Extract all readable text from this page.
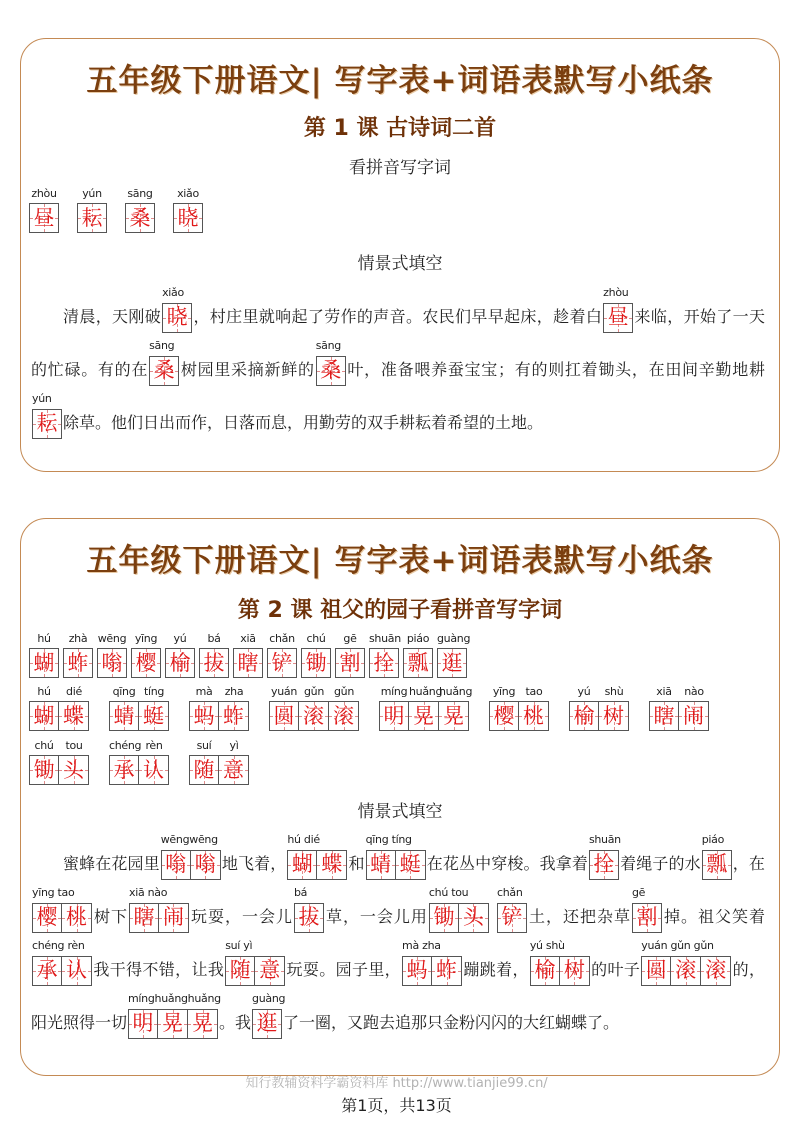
五年级下册语文| 写字表+词语表默写小纸条
第 1 课 古诗词二首
看拼音写字词
zhòu
昼
yún
耘
sāng
桑
xiǎo
晓
情景式填空
清晨，天刚破
xiǎo
晓 ，村庄里就响起了劳作的声音。农民们早早起床，趁着白
zhòu
昼 来临，开始了一天的忙碌。有的在
sāng
桑 树园里采摘新鲜的
sāng
桑 叶，准备喂养蚕宝宝；有的则扛着锄头，在田间辛勤地耕
yún
耘 除草。他们日出而作，日落而息，用勤劳的双手耕耘着希望的土地。
五年级下册语文| 写字表+词语表默写小纸条
第 2 课 祖父的园子看拼音写字词
hú
蝴
zhà
蚱
wēng
嗡
yīng
樱
yú
榆
bá
拔
xiā
瞎
chǎn
铲
chú
锄
gē
割
shuān
拴
piáo
瓢
guàng
逛
hú	dié
蝴 蝶
qīng tíng
蜻 蜓
mà	zha
蚂 蚱
yuán gǔn gǔn
圆 滚 滚
míng huǎng
huǎng
明 晃 晃
yīng tao
樱 桃
yú	shù
榆 树
xiā	nào
瞎 闹
chú	tou
锄 头
chéng rèn
承 认
suí	yì
随 意
情景式填空
蜜蜂在花园里
wēngwēng
嗡 嗡 地飞着，
hú dié
蝴 蝶 和
qīng tíng
蜻 蜓 在花丛中穿梭。我拿着
shuān
拴 着绳子的水
piáo
瓢 ，在
yīng tao
樱 桃 树下
xiā nào
瞎 闹 玩耍，一会儿
bá
拔 草，一会儿用
chú tou
锄 头

chǎn
铲 土，还把杂草
gē
割 掉。祖父笑着
chéng rèn
承 认 我干得不错，让我
suí yì
随 意 玩耍。园子里，
mà zha
蚂 蚱 蹦跳着，
yú shù
榆 树 的叶子
yuán gǔn gǔn
圆 滚 滚 的，阳光照得一切
mínghuǎnghuǎng
明 晃 晃 。我
guàng
逛 了一圈，又跑去追那只金粉闪闪的大红蝴蝶了。
知行教辅资料学霸资料库 http://www.tianjie99.cn/
第1页，共13页
